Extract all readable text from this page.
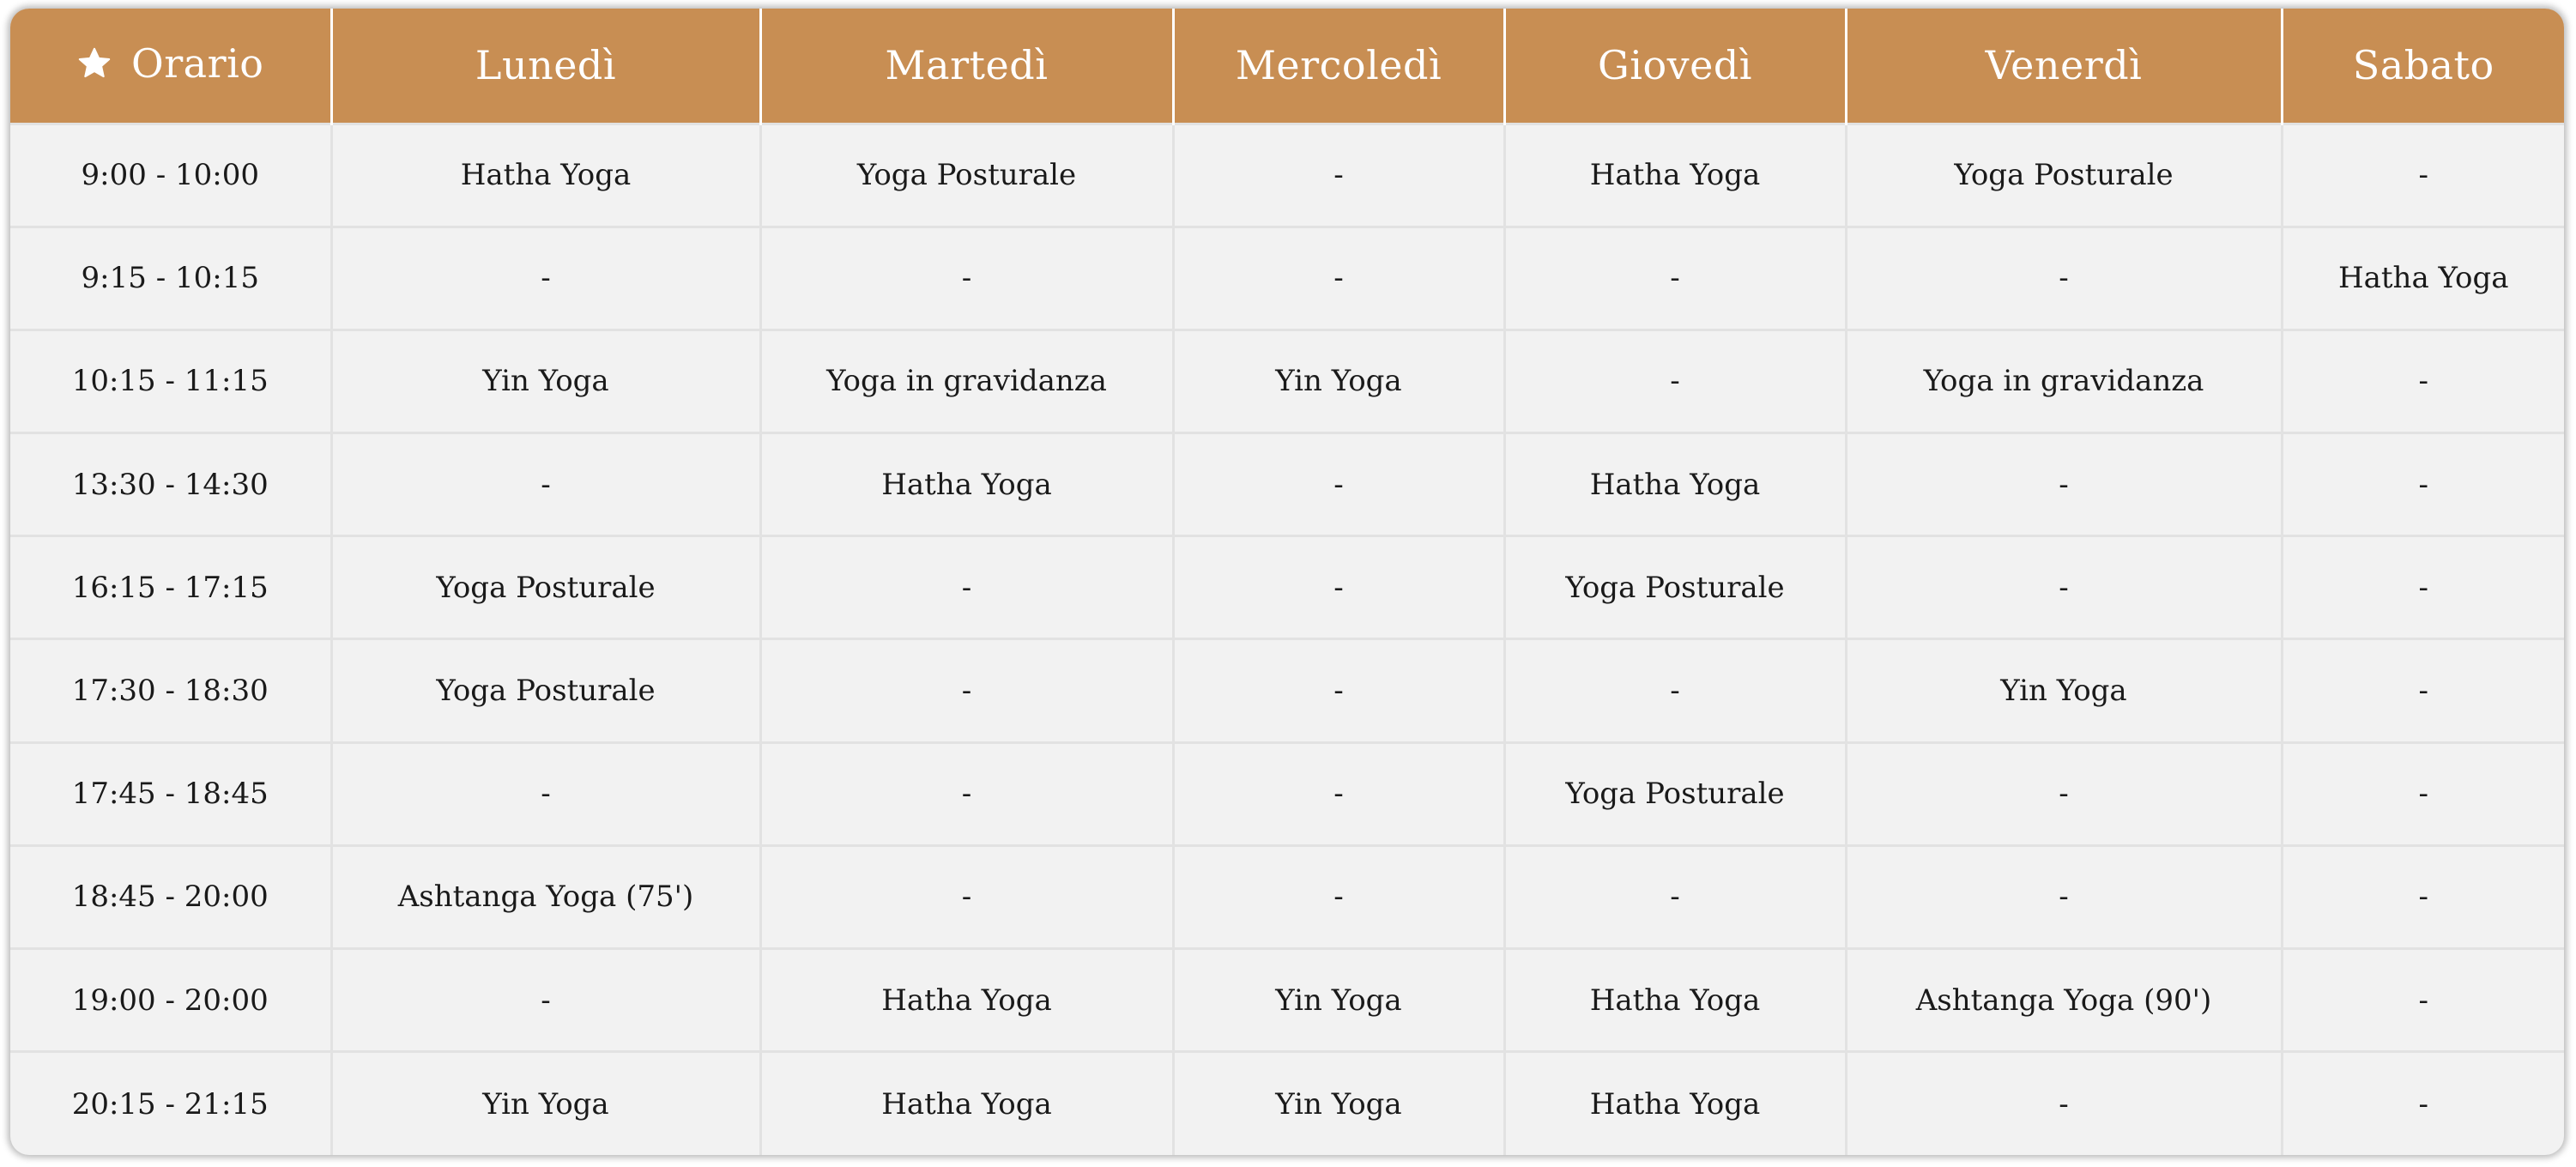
Orario	Lunedì	Martedì	Mercoledì	Giovedì	Venerdì	Sabato
9:00 - 10:00	Hatha Yoga	Yoga Posturale	-	Hatha Yoga	Yoga Posturale	-
9:15 - 10:15	-	-	-	-	-	Hatha Yoga
10:15 - 11:15	Yin Yoga	Yoga in gravidanza	Yin Yoga	-	Yoga in gravidanza	-
13:30 - 14:30	-	Hatha Yoga	-	Hatha Yoga	-	-
16:15 - 17:15	Yoga Posturale	-	-	Yoga Posturale	-	-
17:30 - 18:30	Yoga Posturale	-	-	-	Yin Yoga	-
17:45 - 18:45	-	-	-	Yoga Posturale	-	-
18:45 - 20:00	Ashtanga Yoga (75')	-	-	-	-	-
19:00 - 20:00	-	Hatha Yoga	Yin Yoga	Hatha Yoga	Ashtanga Yoga (90')	-
20:15 - 21:15	Yin Yoga	Hatha Yoga	Yin Yoga	Hatha Yoga	-	-
